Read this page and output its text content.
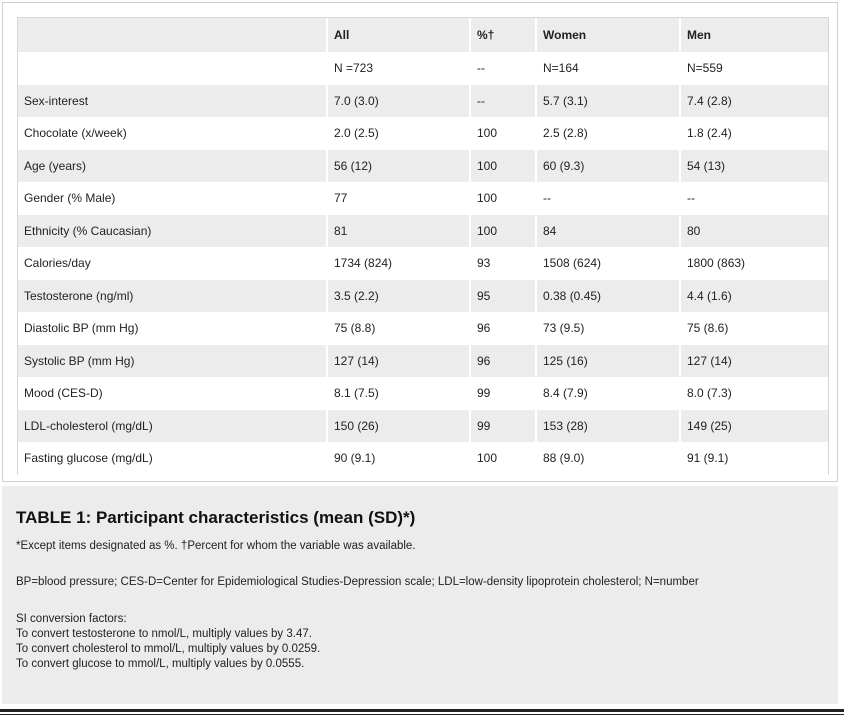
	All	%†	Women	Men
	N =723	--	N=164	N=559
Sex-interest	7.0 (3.0)	--	5.7 (3.1)	7.4 (2.8)
Chocolate (x/week)	2.0 (2.5)	100	2.5 (2.8)	1.8 (2.4)
Age (years)	56 (12)	100	60 (9.3)	54 (13)
Gender (% Male)	77	100	--	--
Ethnicity (% Caucasian)	81	100	84	80
Calories/day	1734 (824)	93	1508 (624)	1800 (863)
Testosterone (ng/ml)	3.5 (2.2)	95	0.38 (0.45)	4.4 (1.6)
Diastolic BP (mm Hg)	75 (8.8)	96	73 (9.5)	75 (8.6)
Systolic BP (mm Hg)	127 (14)	96	125 (16)	127 (14)
Mood (CES-D)	8.1 (7.5)	99	8.4 (7.9)	8.0 (7.3)
LDL-cholesterol (mg/dL)	150 (26)	99	153 (28)	149 (25)
Fasting glucose (mg/dL)	90 (9.1)	100	88 (9.0)	91 (9.1)
TABLE 1: Participant characteristics (mean (SD)*)
*Except items designated as %. †Percent for whom the variable was available.
BP=blood pressure; CES-D=Center for Epidemiological Studies-Depression scale; LDL=low-density lipoprotein cholesterol; N=number
SI conversion factors:
To convert testosterone to nmol/L, multiply values by 3.47.
To convert cholesterol to mmol/L, multiply values by 0.0259.
To convert glucose to mmol/L, multiply values by 0.0555.
